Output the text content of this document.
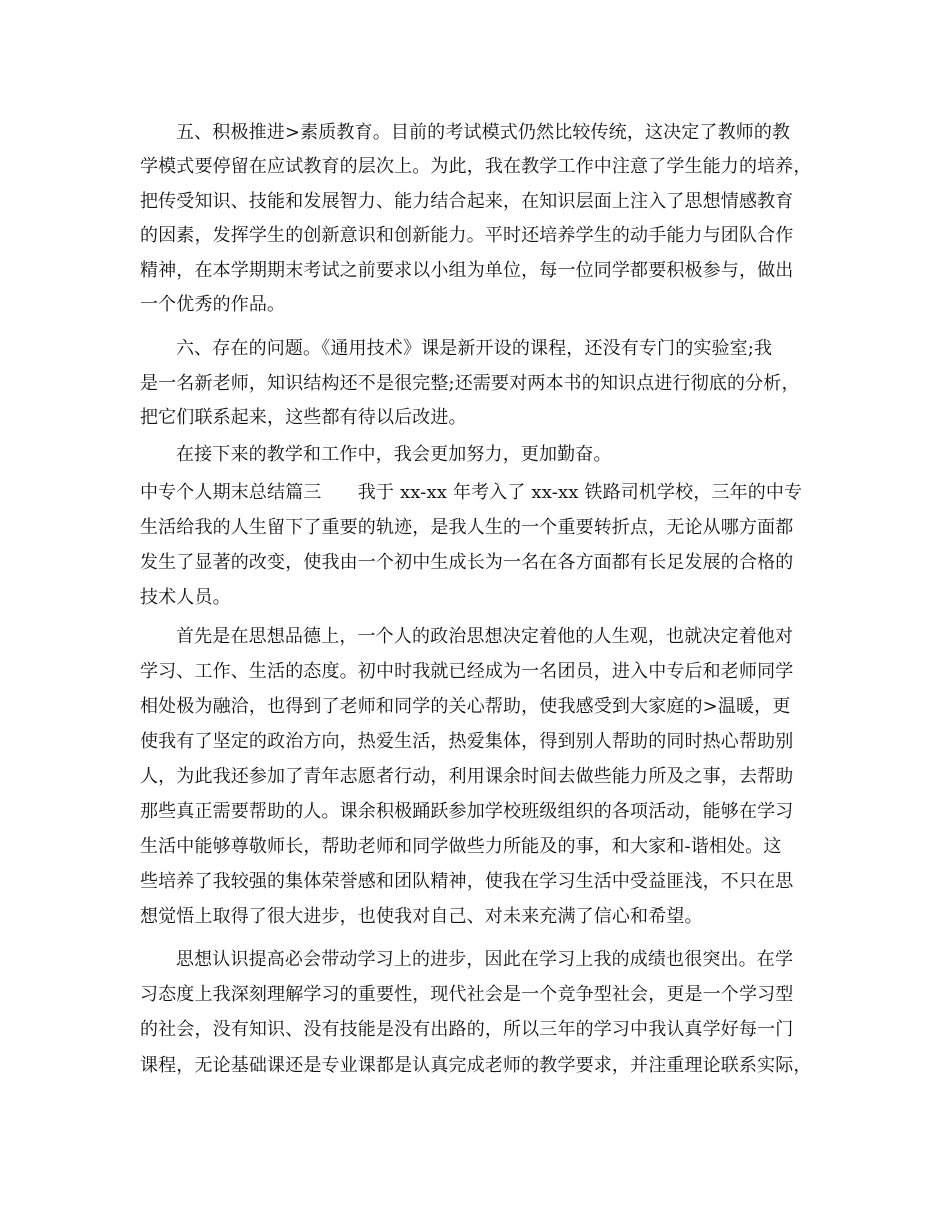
五、积极推进>素质教育。目前的考试模式仍然比较传统，这决定了教师的教
学模式要停留在应试教育的层次上。为此，我在教学工作中注意了学生能力的培养，
把传受知识、技能和发展智力、能力结合起来，在知识层面上注入了思想情感教育
的因素，发挥学生的创新意识和创新能力。平时还培养学生的动手能力与团队合作
精神，在本学期期末考试之前要求以小组为单位，每一位同学都要积极参与，做出
一个优秀的作品。
六、存在的问题。《通用技术》课是新开设的课程，还没有专门的实验室;我
是一名新老师，知识结构还不是很完整;还需要对两本书的知识点进行彻底的分析，
把它们联系起来，这些都有待以后改进。
在接下来的教学和工作中，我会更加努力，更加勤奋。
中专个人期末总结篇三　　我于 xx-xx 年考入了 xx-xx 铁路司机学校，三年的中专
生活给我的人生留下了重要的轨迹，是我人生的一个重要转折点，无论从哪方面都
发生了显著的改变，使我由一个初中生成长为一名在各方面都有长足发展的合格的
技术人员。
首先是在思想品德上，一个人的政治思想决定着他的人生观，也就决定着他对
学习、工作、生活的态度。初中时我就已经成为一名团员，进入中专后和老师同学
相处极为融洽，也得到了老师和同学的关心帮助，使我感受到大家庭的>温暖，更
使我有了坚定的政治方向，热爱生活，热爱集体，得到别人帮助的同时热心帮助别
人，为此我还参加了青年志愿者行动，利用课余时间去做些能力所及之事，去帮助
那些真正需要帮助的人。课余积极踊跃参加学校班级组织的各项活动，能够在学习
生活中能够尊敬师长，帮助老师和同学做些力所能及的事，和大家和-谐相处。这
些培养了我较强的集体荣誉感和团队精神，使我在学习生活中受益匪浅，不只在思
想觉悟上取得了很大进步，也使我对自己、对未来充满了信心和希望。
思想认识提高必会带动学习上的进步，因此在学习上我的成绩也很突出。在学
习态度上我深刻理解学习的重要性，现代社会是一个竞争型社会，更是一个学习型
的社会，没有知识、没有技能是没有出路的，所以三年的学习中我认真学好每一门
课程，无论基础课还是专业课都是认真完成老师的教学要求，并注重理论联系实际，
